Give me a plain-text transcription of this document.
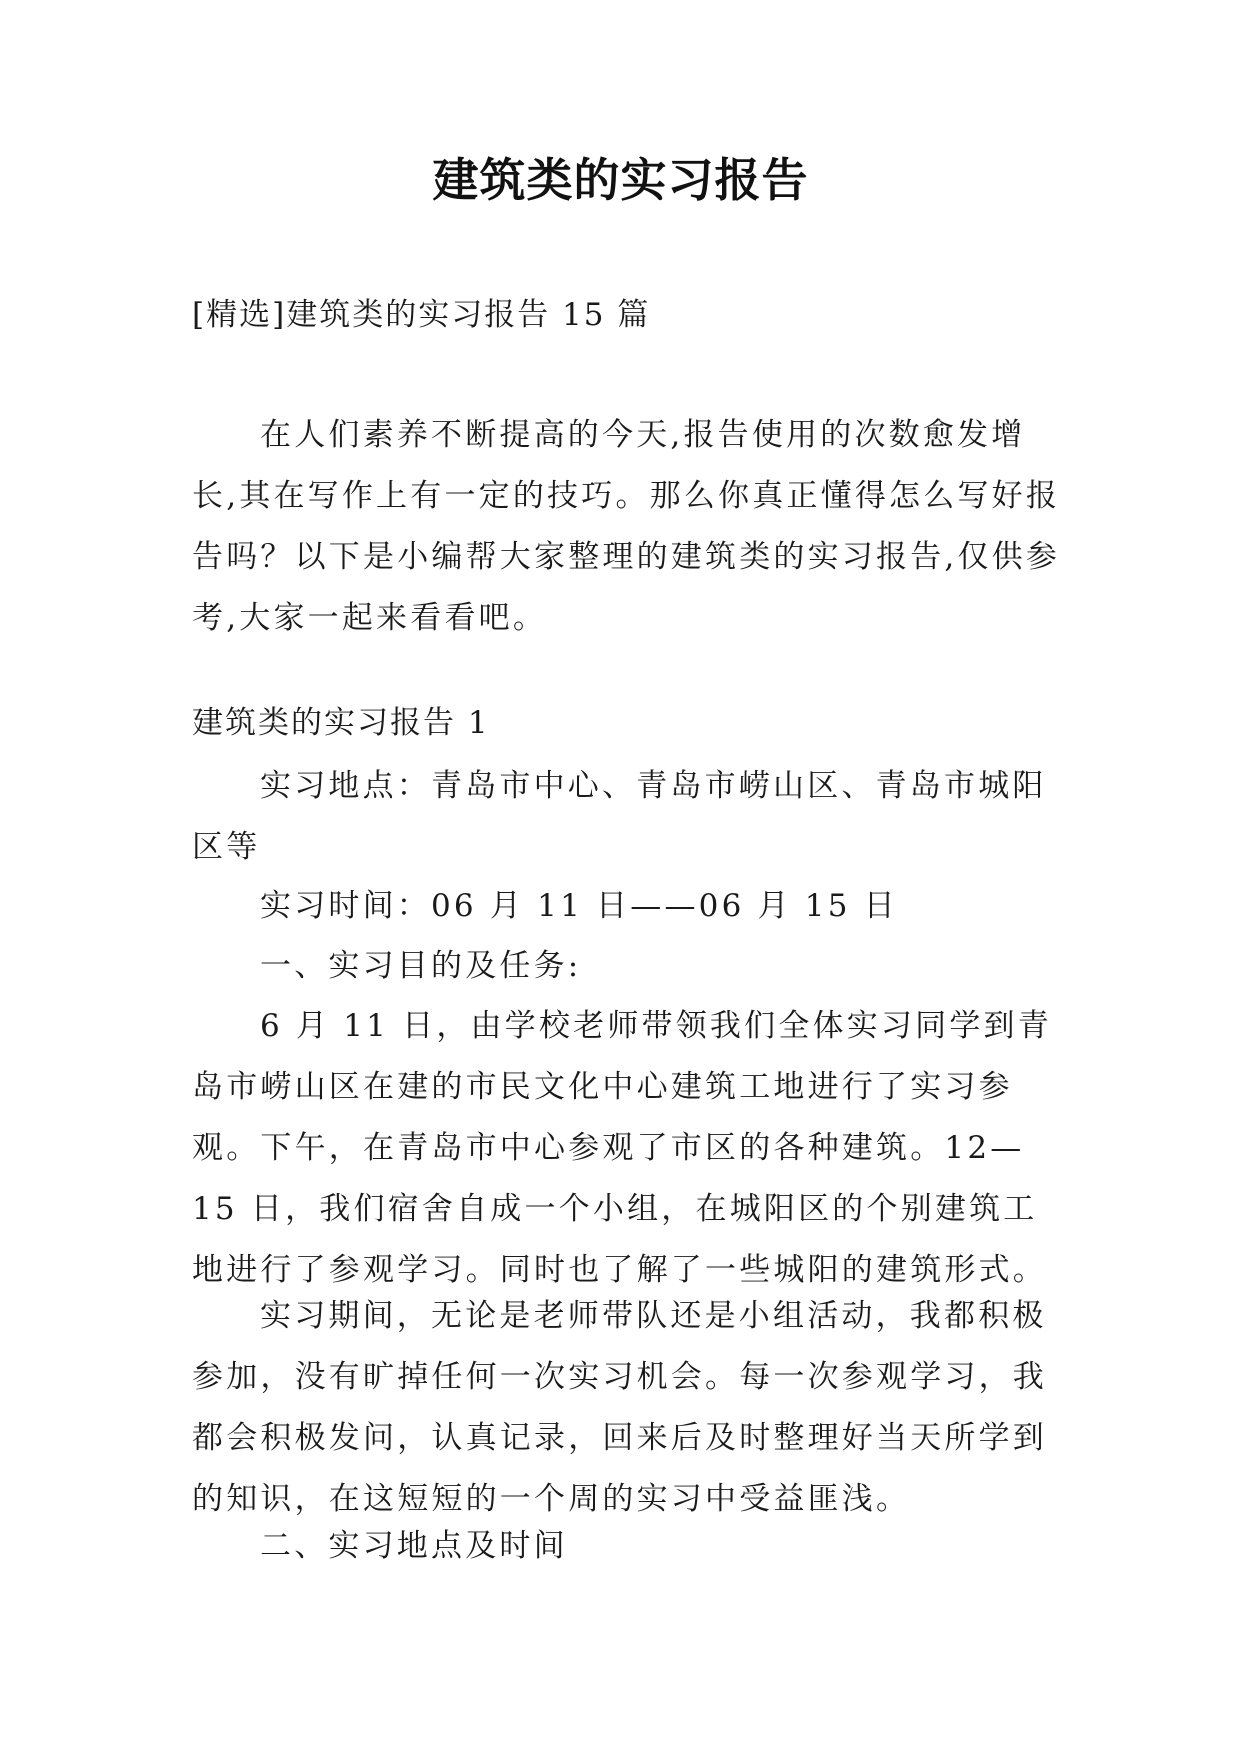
建筑类的实习报告
[精选]建筑类的实习报告 15 篇

在人们素养不断提高的今天,报告使用的次数愈发增长,其在写作上有一定的技巧。那么你真正懂得怎么写好报告吗？以下是小编帮大家整理的建筑类的实习报告,仅供参考,大家一起来看看吧。

建筑类的实习报告 1

实习地点：青岛市中心、青岛市崂山区、青岛市城阳区等

实习时间：06 月 11 日——06 月 15 日

一、实习目的及任务:

6 月 11 日，由学校老师带领我们全体实习同学到青岛市崂山区在建的市民文化中心建筑工地进行了实习参观。下午，在青岛市中心参观了市区的各种建筑。12—15 日，我们宿舍自成一个小组，在城阳区的个别建筑工地进行了参观学习。同时也了解了一些城阳的建筑形式。

实习期间，无论是老师带队还是小组活动，我都积极参加，没有旷掉任何一次实习机会。每一次参观学习，我都会积极发问，认真记录，回来后及时整理好当天所学到的知识，在这短短的一个周的实习中受益匪浅。

二、实习地点及时间
